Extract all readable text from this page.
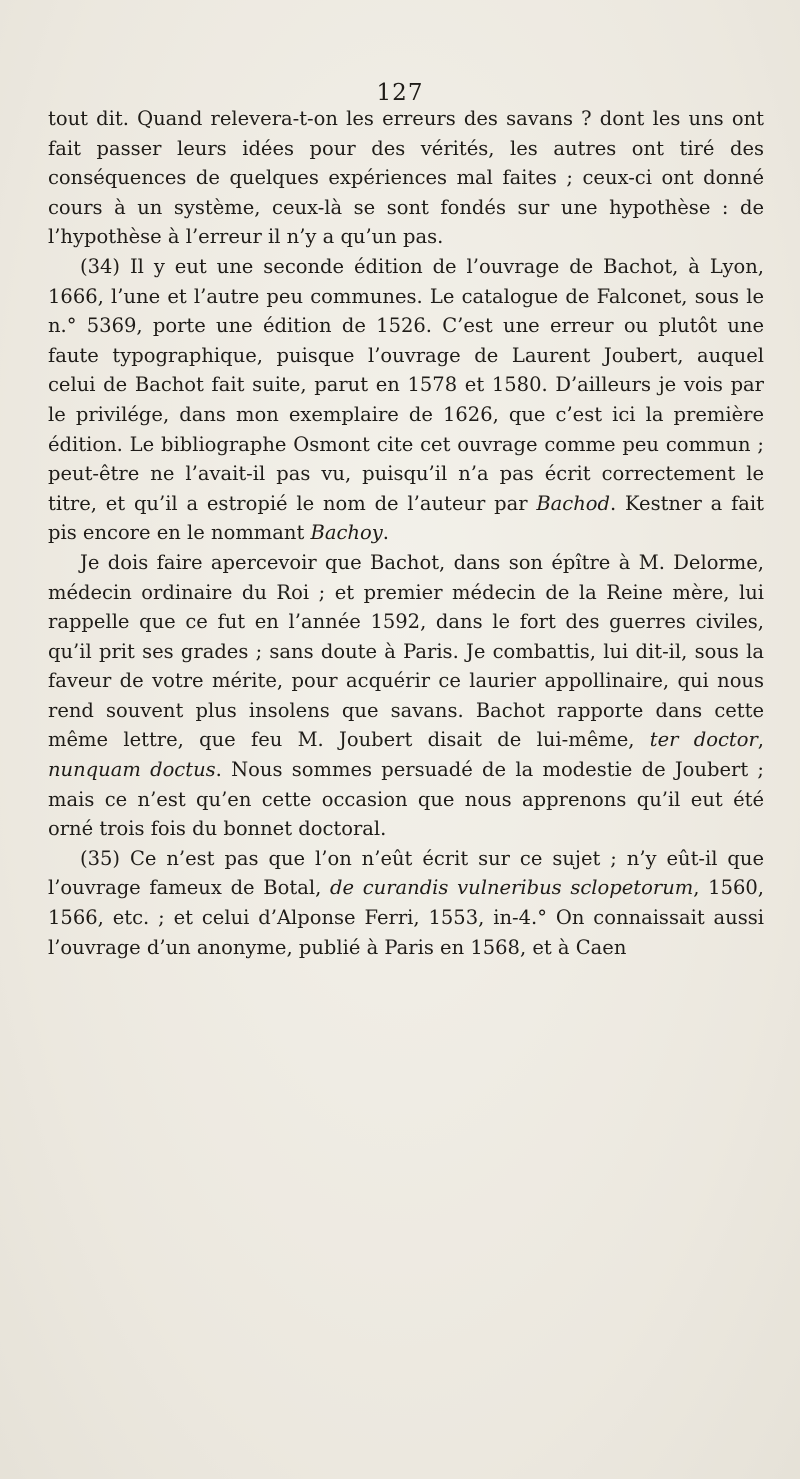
127

tout dit. Quand relevera-t-on les erreurs des savans ? dont les uns ont fait passer leurs idées pour des vérités, les autres ont tiré des conséquences de quelques expériences mal faites ; ceux-ci ont donné cours à un système, ceux-là se sont fondés sur une hypothèse : de l’hypothèse à l’erreur il n’y a qu’un pas.

(34) Il y eut une seconde édition de l’ouvrage de Bachot, à Lyon, 1666, l’une et l’autre peu communes. Le catalogue de Falconet, sous le n.° 5369, porte une édition de 1526. C’est une erreur ou plutôt une faute typographique, puisque l’ouvrage de Laurent Joubert, auquel celui de Bachot fait suite, parut en 1578 et 1580. D’ailleurs je vois par le privilége, dans mon exemplaire de 1626, que c’est ici la première édition. Le bibliographe Osmont cite cet ouvrage comme peu commun ; peut-être ne l’avait-il pas vu, puisqu’il n’a pas écrit correctement le titre, et qu’il a estropié le nom de l’auteur par Bachod. Kestner a fait pis encore en le nommant Bachoy.

Je dois faire apercevoir que Bachot, dans son épître à M. Delorme, médecin ordinaire du Roi ; et premier médecin de la Reine mère, lui rappelle que ce fut en l’année 1592, dans le fort des guerres civiles, qu’il prit ses grades ; sans doute à Paris. Je combattis, lui dit-il, sous la faveur de votre mérite, pour acquérir ce laurier appollinaire, qui nous rend souvent plus insolens que savans. Bachot rapporte dans cette même lettre, que feu M. Joubert disait de lui-même, ter doctor, nunquam doctus. Nous sommes persuadé de la modestie de Joubert ; mais ce n’est qu’en cette occasion que nous apprenons qu’il eut été orné trois fois du bonnet doctoral.

(35) Ce n’est pas que l’on n’eût écrit sur ce sujet ; n’y eût-il que l’ouvrage fameux de Botal, de curandis vulneribus sclopetorum, 1560, 1566, etc. ; et celui d’Alponse Ferri, 1553, in-4.° On connaissait aussi l’ouvrage d’un anonyme, publié à Paris en 1568, et à Caen
